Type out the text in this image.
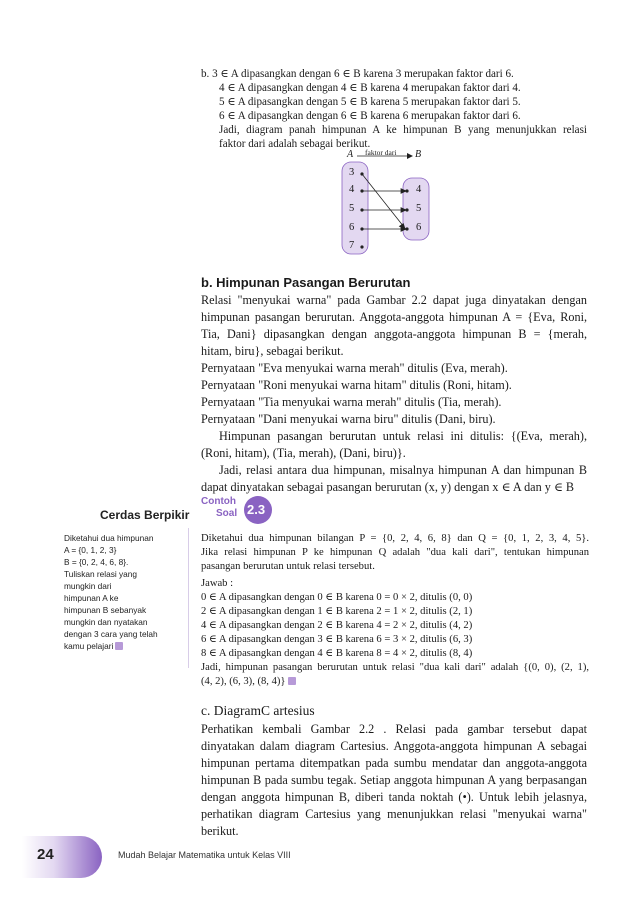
b. 3 ∈ A dipasangkan dengan 6 ∈ B karena 3 merupakan faktor dari 6.
4 ∈ A dipasangkan dengan 4 ∈ B karena 4 merupakan faktor dari 4.
5 ∈ A dipasangkan dengan 5 ∈ B karena 5 merupakan faktor dari 5.
6 ∈ A dipasangkan dengan 6 ∈ B karena 6 merupakan faktor dari 6.
Jadi, diagram panah himpunan A ke himpunan B yang menunjukkan relasi
faktor dari adalah sebagai berikut.
A	B
faktor dari
3
4
5
6
7
4
5
6
b. Himpunan Pasangan Berurutan
Relasi "menyukai warna" pada Gambar 2.2 dapat juga dinyatakan dengan
himpunan pasangan berurutan. Anggota-anggota himpunan A = {Eva, Roni,
Tia, Dani} dipasangkan dengan anggota-anggota himpunan B = {merah,
hitam, biru}, sebagai berikut.
Pernyataan "Eva menyukai warna merah" ditulis (Eva, merah).
Pernyataan "Roni menyukai warna hitam" ditulis (Roni, hitam).
Pernyataan "Tia menyukai warna merah" ditulis (Tia, merah).
Pernyataan "Dani menyukai warna biru" ditulis (Dani, biru).
Himpunan pasangan berurutan untuk relasi ini ditulis: {(Eva, merah),
(Roni, hitam), (Tia, merah), (Dani, biru)}.
Jadi, relasi antara dua himpunan, misalnya himpunan A dan himpunan B
dapat dinyatakan sebagai pasangan berurutan (x, y) dengan x ∈ A dan y ∈ B
Contoh
Soal 2.3
Cerdas Berpikir
Diketahui dua himpunan
A = {0, 1, 2, 3}
B = {0, 2, 4, 6, 8}.
Tuliskan relasi yang
mungkin dari
himpunan A ke
himpunan B sebanyak
mungkin dan nyatakan
dengan 3 cara yang telah
kamu pelajari
Diketahui dua himpunan bilangan P = {0, 2, 4, 6, 8} dan Q = {0, 1, 2, 3, 4, 5}.
Jika relasi himpunan P ke himpunan Q adalah "dua kali dari", tentukan himpunan
pasangan berurutan untuk relasi tersebut.
Jawab :
0 ∈ A dipasangkan dengan 0 ∈ B karena 0 = 0 × 2, ditulis (0, 0)
2 ∈ A dipasangkan dengan 1 ∈ B karena 2 = 1 × 2, ditulis (2, 1)
4 ∈ A dipasangkan dengan 2 ∈ B karena 4 = 2 × 2, ditulis (4, 2)
6 ∈ A dipasangkan dengan 3 ∈ B karena 6 = 3 × 2, ditulis (6, 3)
8 ∈ A dipasangkan dengan 4 ∈ B karena 8 = 4 × 2, ditulis (8, 4)
Jadi, himpunan pasangan berurutan untuk relasi "dua kali dari" adalah {(0, 0), (2, 1),
(4, 2), (6, 3), (8, 4)}
c. DiagramC artesius
Perhatikan kembali Gambar 2.2 . Relasi pada gambar tersebut dapat
dinyatakan dalam diagram Cartesius. Anggota-anggota himpunan A sebagai
himpunan pertama ditempatkan pada sumbu mendatar dan anggota-anggota
himpunan B pada sumbu tegak. Setiap anggota himpunan A yang berpasangan
dengan anggota himpunan B, diberi tanda noktah (•). Untuk lebih jelasnya,
perhatikan diagram Cartesius yang menunjukkan relasi "menyukai warna"
berikut.
24	Mudah Belajar Matematika untuk Kelas VIII
